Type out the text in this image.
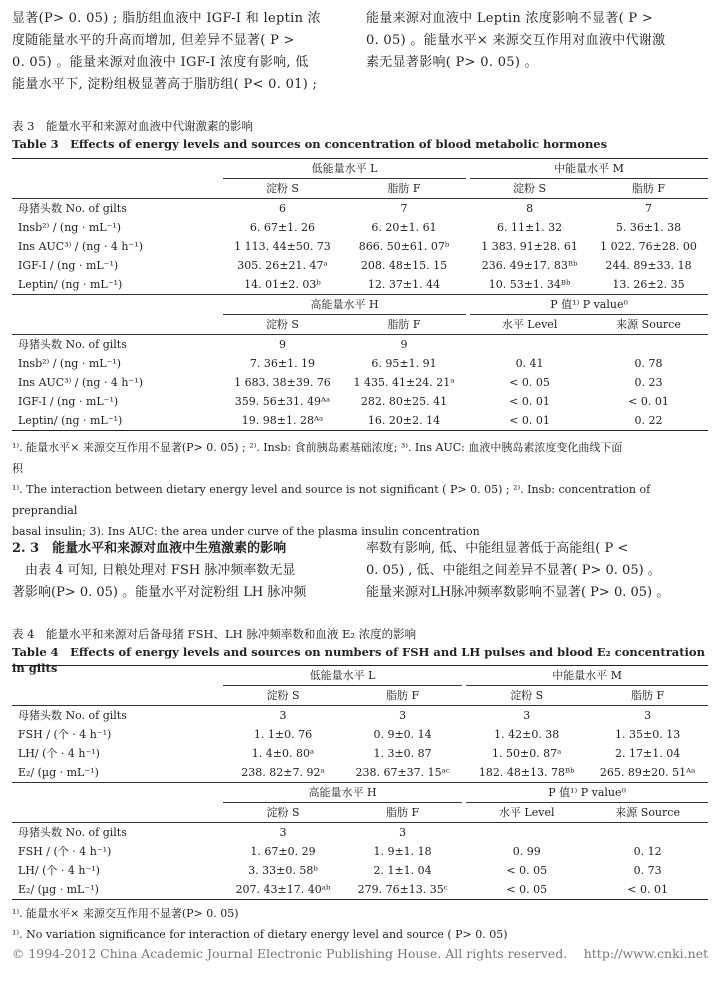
显著(P> 0. 05) ; 脂肪组血液中 IGF-Ⅰ 和 leptin 浓

度随能量水平的升高而增加, 但差异不显著( P >

0. 05) 。能量来源对血液中 IGF-Ⅰ 浓度有影响, 低

能量水平下, 淀粉组极显著高于脂肪组( P< 0. 01) ;

能量来源对血液中 Leptin 浓度影响不显著( P >

0. 05) 。能量水平× 来源交互作用对血液中代谢激

素无显著影响( P> 0. 05) 。

表 3　能量水平和来源对血液中代谢激素的影响
Table 3　Effects of energy levels and sources on concentration of blood metabolic hormones
	低能量水平 L			中能量水平 M	
	淀粉 S	脂肪 F		淀粉 S	脂肪 F
母猪头数 No. of gilts	6	7		8	7
Insb²⁾ / (ng · mL⁻¹)	6. 67±1. 26	6. 20±1. 61		6. 11±1. 32	5. 36±1. 38
Ins AUC³⁾ / (ng · 4 h⁻¹)	1 113. 44±50. 73	866. 50±61. 07ᵇ		1 383. 91±28. 61	1 022. 76±28. 00
IGF-Ⅰ / (ng · mL⁻¹)	305. 26±21. 47ᵃ	208. 48±15. 15		236. 49±17. 83ᴮᵇ	244. 89±33. 18
Leptin/ (ng · mL⁻¹)	14. 01±2. 03ᵇ	12. 37±1. 44		10. 53±1. 34ᴮᵇ	13. 26±2. 35
	高能量水平 H			P 值¹⁾ P value⁰	
	淀粉 S	脂肪 F		水平 Level	来源 Source
母猪头数 No. of gilts	9	9			
Insb²⁾ / (ng · mL⁻¹)	7. 36±1. 19	6. 95±1. 91		0. 41	0. 78
Ins AUC³⁾ / (ng · 4 h⁻¹)	1 683. 38±39. 76	1 435. 41±24. 21ᵃ		< 0. 05	0. 23
IGF-Ⅰ / (ng · mL⁻¹)	359. 56±31. 49ᴬᵃ	282. 80±25. 41		< 0. 01	< 0. 01
Leptin/ (ng · mL⁻¹)	19. 98±1. 28ᴬᵃ	16. 20±2. 14		< 0. 01	0. 22
¹⁾. 能量水平× 来源交互作用不显著(P> 0. 05) ; ²⁾. Insb: 食前胰岛素基础浓度; ³⁾. Ins AUC: 血液中胰岛素浓度变化曲线下面
积
¹⁾. The interaction between dietary energy level and source is not significant ( P> 0. 05) ; ²⁾. Insb: concentration of preprandial
basal insulin; 3). Ins AUC: the area under curve of the plasma insulin concentration
2. 3　能量水平和来源对血液中生殖激素的影响
　由表 4 可知, 日粮处理对 FSH 脉冲频率数无显
著影响(P> 0. 05) 。能量水平对淀粉组 LH 脉冲频
率数有影响, 低、中能组显著低于高能组( P <
0. 05) , 低、中能组之间差异不显著( P> 0. 05) 。
能量来源对LH脉冲频率数影响不显著( P> 0. 05) 。
表 4　能量水平和来源对后备母猪 FSH、LH 脉冲频率数和血液 E₂ 浓度的影响
Table 4　Effects of energy levels and sources on numbers of FSH and LH pulses and blood E₂ concentration in gilts
	低能量水平 L			中能量水平 M	
	淀粉 S	脂肪 F		淀粉 S	脂肪 F
母猪头数 No. of gilts	3	3		3	3
FSH / (个 · 4 h⁻¹)	1. 1±0. 76	0. 9±0. 14		1. 42±0. 38	1. 35±0. 13
LH/ (个 · 4 h⁻¹)	1. 4±0. 80ᵃ	1. 3±0. 87		1. 50±0. 87ᵃ	2. 17±1. 04
E₂/ (µg · mL⁻¹)	238. 82±7. 92ᵃ	238. 67±37. 15ᵃᶜ		182. 48±13. 78ᴮᵇ	265. 89±20. 51ᴬᵃ
	高能量水平 H			P 值¹⁾ P value⁰	
	淀粉 S	脂肪 F		水平 Level	来源 Source
母猪头数 No. of gilts	3	3			
FSH / (个 · 4 h⁻¹)	1. 67±0. 29	1. 9±1. 18		0. 99	0. 12
LH/ (个 · 4 h⁻¹)	3. 33±0. 58ᵇ	2. 1±1. 04		< 0. 05	0. 73
E₂/ (µg · mL⁻¹)	207. 43±17. 40ᵃᵇ	279. 76±13. 35ᶜ		< 0. 05	< 0. 01
¹⁾. 能量水平× 来源交互作用不显著(P> 0. 05)
¹⁾. No variation significance for interaction of dietary energy level and source ( P> 0. 05)
© 1994-2012 China Academic Journal Electronic Publishing House. All rights reserved.　 http://www.cnki.net
